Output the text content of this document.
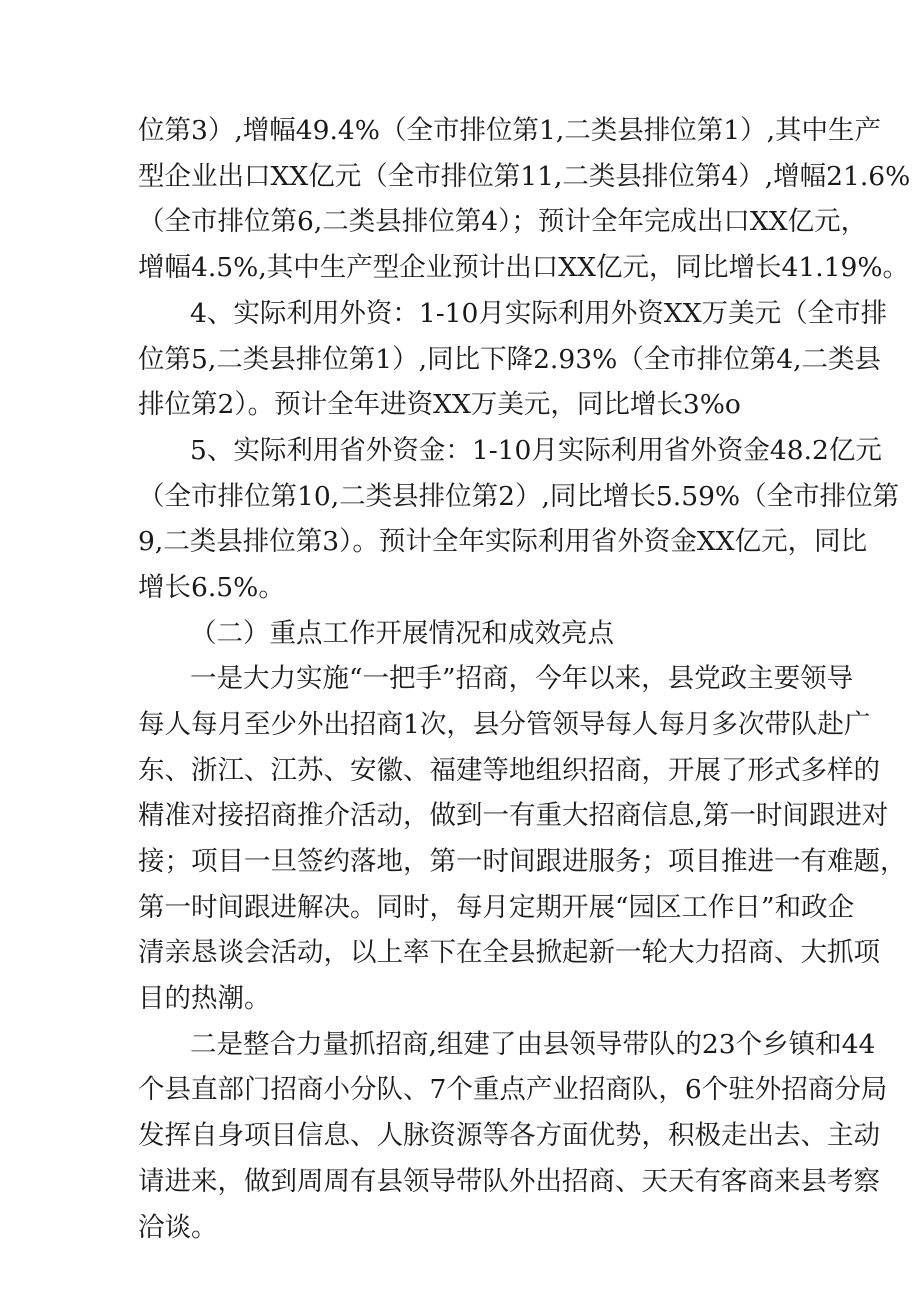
位第3）,增幅49.4%（全市排位第1,二类县排位第1）,其中生产
型企业出口XX亿元（全市排位第11,二类县排位第4）,增幅21.6%
（全市排位第6,二类县排位第4）；预计全年完成出口XX亿元，
增幅4.5%,其中生产型企业预计出口XX亿元，同比增长41.19%。
4、实际利用外资：1-10月实际利用外资XX万美元（全市排
位第5,二类县排位第1）,同比下降2.93%（全市排位第4,二类县
排位第2）。预计全年进资XX万美元，同比增长3%o
5、实际利用省外资金：1-10月实际利用省外资金48.2亿元
（全市排位第10,二类县排位第2）,同比增长5.59%（全市排位第
9,二类县排位第3）。预计全年实际利用省外资金XX亿元，同比
增长6.5%。
（二）重点工作开展情况和成效亮点
一是大力实施“一把手”招商，今年以来，县党政主要领导
每人每月至少外出招商1次，县分管领导每人每月多次带队赴广
东、浙江、江苏、安徽、福建等地组织招商，开展了形式多样的
精准对接招商推介活动，做到一有重大招商信息,第一时间跟进对
接；项目一旦签约落地，第一时间跟进服务；项目推进一有难题，
第一时间跟进解决。同时，每月定期开展“园区工作日”和政企
清亲恳谈会活动，以上率下在全县掀起新一轮大力招商、大抓项
目的热潮。
二是整合力量抓招商,组建了由县领导带队的23个乡镇和44
个县直部门招商小分队、7个重点产业招商队，6个驻外招商分局
发挥自身项目信息、人脉资源等各方面优势，积极走出去、主动
请进来，做到周周有县领导带队外出招商、天天有客商来县考察
洽谈。
